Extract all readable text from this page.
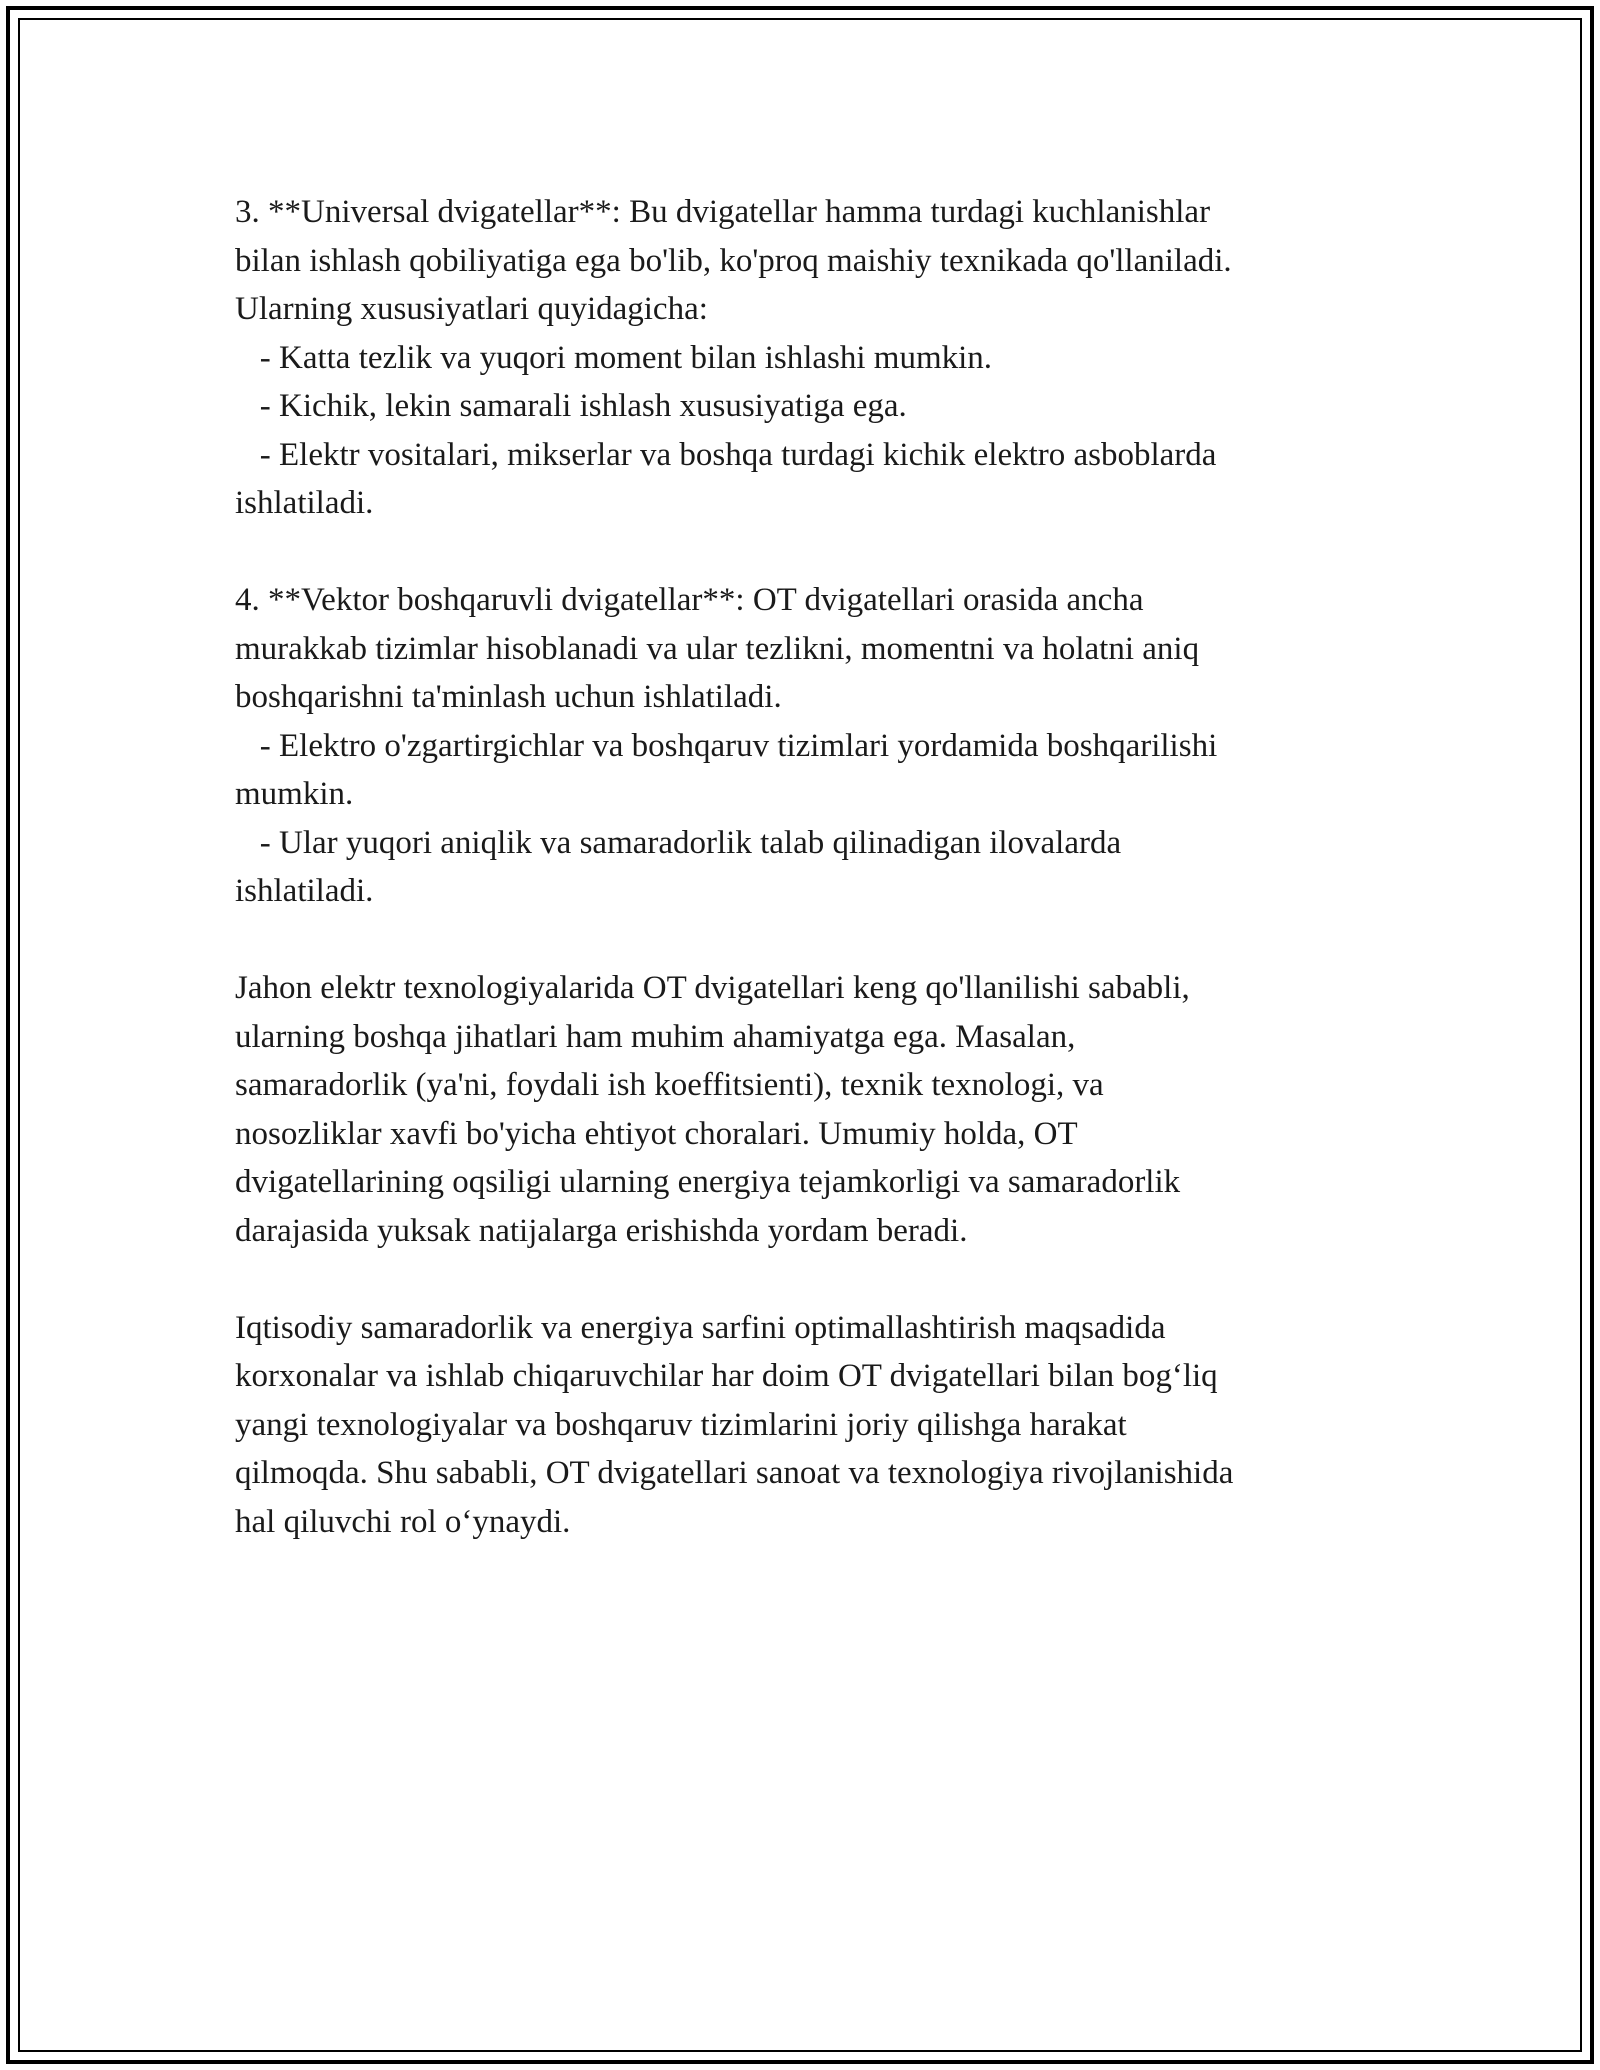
3. **Universal dvigatellar**: Bu dvigatellar hamma turdagi kuchlanishlar
bilan ishlash qobiliyatiga ega bo'lib, ko'proq maishiy texnikada qo'llaniladi.
Ularning xususiyatlari quyidagicha:
- Katta tezlik va yuqori moment bilan ishlashi mumkin.
- Kichik, lekin samarali ishlash xususiyatiga ega.
- Elektr vositalari, mikserlar va boshqa turdagi kichik elektro asboblarda
ishlatiladi.
4. **Vektor boshqaruvli dvigatellar**: OT dvigatellari orasida ancha
murakkab tizimlar hisoblanadi va ular tezlikni, momentni va holatni aniq
boshqarishni ta'minlash uchun ishlatiladi.
- Elektro o'zgartirgichlar va boshqaruv tizimlari yordamida boshqarilishi
mumkin.
- Ular yuqori aniqlik va samaradorlik talab qilinadigan ilovalarda
ishlatiladi.
Jahon elektr texnologiyalarida OT dvigatellari keng qo'llanilishi sababli,
ularning boshqa jihatlari ham muhim ahamiyatga ega. Masalan,
samaradorlik (ya'ni, foydali ish koeffitsienti), texnik texnologi, va
nosozliklar xavfi bo'yicha ehtiyot choralari. Umumiy holda, OT
dvigatellarining oqsiligi ularning energiya tejamkorligi va samaradorlik
darajasida yuksak natijalarga erishishda yordam beradi.
Iqtisodiy samaradorlik va energiya sarfini optimallashtirish maqsadida
korxonalar va ishlab chiqaruvchilar har doim OT dvigatellari bilan bog‘liq
yangi texnologiyalar va boshqaruv tizimlarini joriy qilishga harakat
qilmoqda. Shu sababli, OT dvigatellari sanoat va texnologiya rivojlanishida
hal qiluvchi rol o‘ynaydi.
